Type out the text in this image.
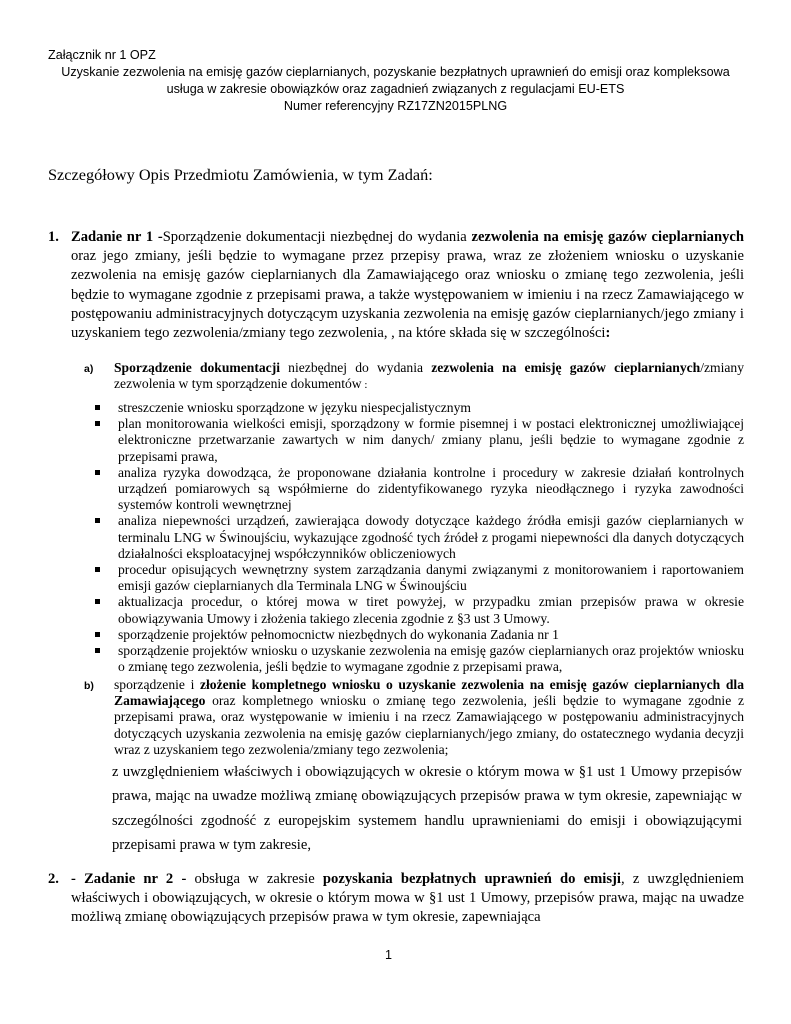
Załącznik nr 1 OPZ
Uzyskanie zezwolenia na emisję gazów cieplarnianych, pozyskanie bezpłatnych uprawnień do emisji oraz kompleksowa
usługa w zakresie obowiązków oraz zagadnień związanych z regulacjami EU-ETS
Numer referencyjny RZ17ZN2015PLNG
Szczegółowy Opis Przedmiotu Zamówienia, w tym Zadań:
1. Zadanie nr 1 -Sporządzenie dokumentacji niezbędnej do wydania zezwolenia na emisję gazów cieplarnianych oraz jego zmiany, jeśli będzie to wymagane przez przepisy prawa, wraz ze złożeniem wniosku o uzyskanie zezwolenia na emisję gazów cieplarnianych dla Zamawiającego oraz wniosku o zmianę tego zezwolenia, jeśli będzie to wymagane zgodnie z przepisami prawa, a także występowaniem w imieniu i na rzecz Zamawiającego w postępowaniu administracyjnych dotyczącym uzyskania zezwolenia na emisję gazów cieplarnianych/jego zmiany i uzyskaniem tego zezwolenia/zmiany tego zezwolenia, , na które składa się w szczególności:
a) Sporządzenie dokumentacji niezbędnej do wydania zezwolenia na emisję gazów cieplarnianych/zmiany zezwolenia w tym sporządzenie dokumentów :
streszczenie wniosku sporządzone w języku niespecjalistycznym
plan monitorowania wielkości emisji, sporządzony w formie pisemnej i w postaci elektronicznej umożliwiającej elektroniczne przetwarzanie zawartych w nim danych/ zmiany planu, jeśli będzie to wymagane zgodnie z przepisami prawa,
analiza ryzyka dowodząca, że proponowane działania kontrolne i procedury w zakresie działań kontrolnych urządzeń pomiarowych są współmierne do zidentyfikowanego ryzyka nieodłącznego i ryzyka zawodności systemów kontroli wewnętrznej
analiza niepewności urządzeń, zawierająca dowody dotyczące każdego źródła emisji gazów cieplarnianych w terminalu LNG w Świnoujściu, wykazujące zgodność tych źródeł z progami niepewności dla danych dotyczących działalności eksploatacyjnej współczynników obliczeniowych
procedur opisujących wewnętrzny system zarządzania danymi związanymi z monitorowaniem i raportowaniem emisji gazów cieplarnianych dla Terminala LNG w Świnoujściu
aktualizacja procedur, o której mowa w tiret powyżej, w przypadku zmian przepisów prawa w okresie obowiązywania Umowy i złożenia takiego zlecenia zgodnie z §3 ust 3 Umowy.
sporządzenie projektów pełnomocnictw niezbędnych do wykonania Zadania nr 1
sporządzenie projektów wniosku o uzyskanie zezwolenia na emisję gazów cieplarnianych oraz projektów wniosku o zmianę tego zezwolenia, jeśli będzie to wymagane zgodnie z przepisami prawa,
b) sporządzenie i złożenie kompletnego wniosku o uzyskanie zezwolenia na emisję gazów cieplarnianych dla Zamawiającego oraz kompletnego wniosku o zmianę tego zezwolenia, jeśli będzie to wymagane zgodnie z przepisami prawa, oraz występowanie w imieniu i na rzecz Zamawiającego w postępowaniu administracyjnych dotyczących uzyskania zezwolenia na emisję gazów cieplarnianych/jego zmiany, do ostatecznego wydania decyzji wraz z uzyskaniem tego zezwolenia/zmiany tego zezwolenia;
z uwzględnieniem właściwych i obowiązujących w okresie o którym mowa w §1 ust 1 Umowy przepisów prawa, mając na uwadze możliwą zmianę obowiązujących przepisów prawa w tym okresie, zapewniając w szczególności zgodność z europejskim systemem handlu uprawnieniami do emisji i obowiązującymi przepisami prawa w tym zakresie,
2. - Zadanie nr 2 - obsługa w zakresie pozyskania bezpłatnych uprawnień do emisji, z uwzględnieniem właściwych i obowiązujących, w okresie o którym mowa w §1 ust 1 Umowy, przepisów prawa, mając na uwadze możliwą zmianę obowiązujących przepisów prawa w tym okresie, zapewniająca
1
